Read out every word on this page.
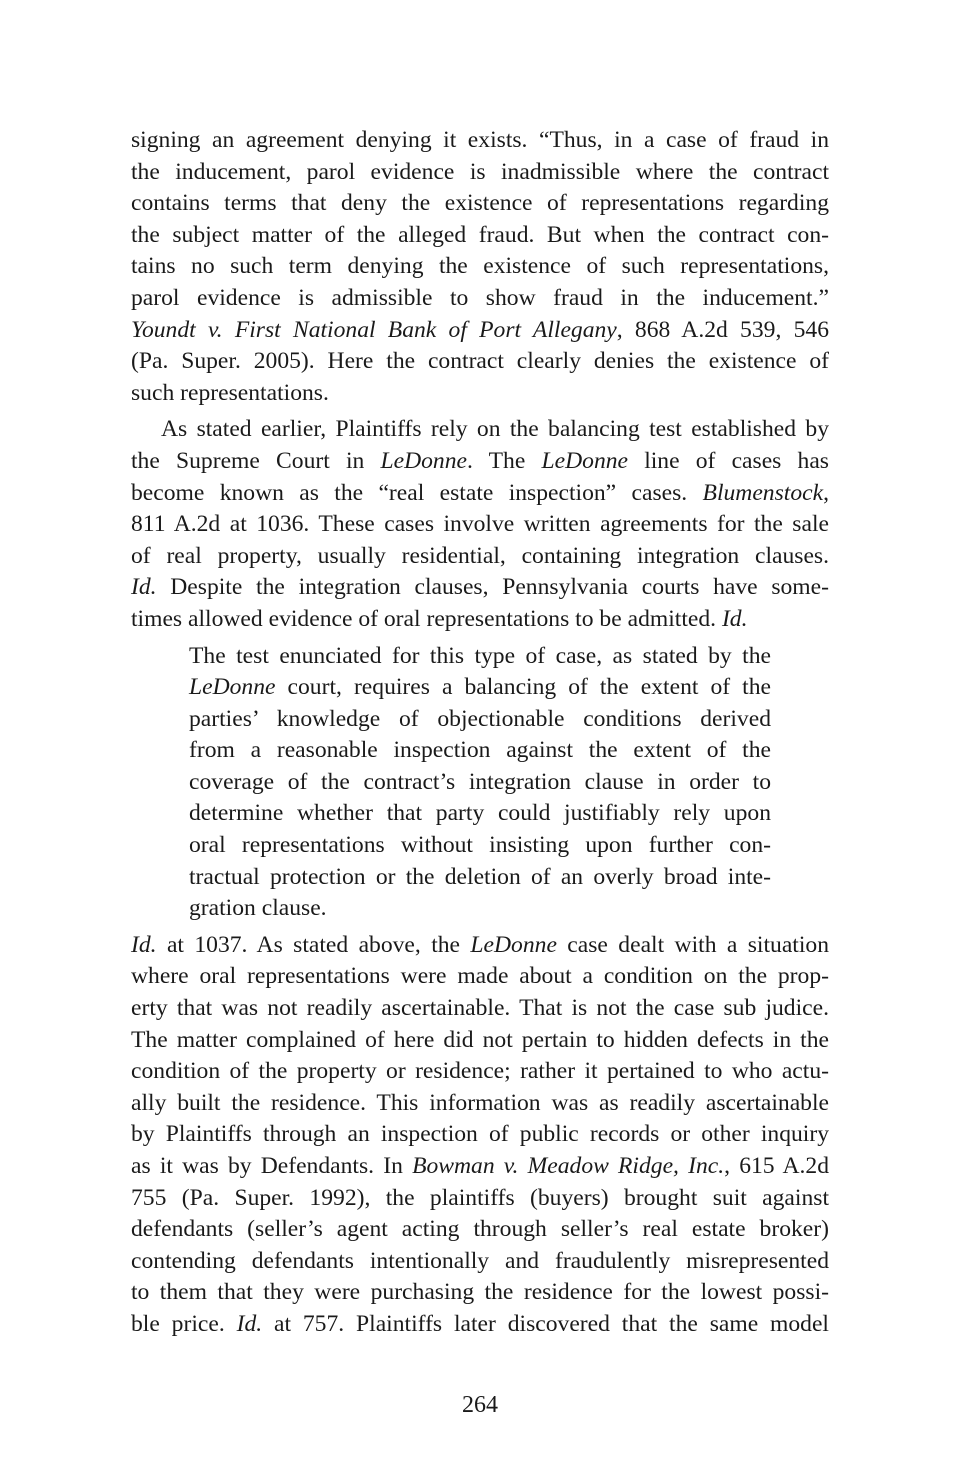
signing an agreement denying it exists. “Thus, in a case of fraud in
the inducement, parol evidence is inadmissible where the contract
contains terms that deny the existence of representations regarding
the subject matter of the alleged fraud. But when the contract con-
tains no such term denying the existence of such representations,
parol evidence is admissible to show fraud in the inducement.”
Youndt v. First National Bank of Port Allegany, 868 A.2d 539, 546
(Pa. Super. 2005). Here the contract clearly denies the existence of
such representations.
As stated earlier, Plaintiffs rely on the balancing test established by
the Supreme Court in LeDonne. The LeDonne line of cases has
become known as the “real estate inspection” cases. Blumenstock,
811 A.2d at 1036. These cases involve written agreements for the sale
of real property, usually residential, containing integration clauses.
Id. Despite the integration clauses, Pennsylvania courts have some-
times allowed evidence of oral representations to be admitted. Id.
The test enunciated for this type of case, as stated by the
LeDonne court, requires a balancing of the extent of the
parties’ knowledge of objectionable conditions derived
from a reasonable inspection against the extent of the
coverage of the contract’s integration clause in order to
determine whether that party could justifiably rely upon
oral representations without insisting upon further con-
tractual protection or the deletion of an overly broad inte-
gration clause.
Id. at 1037. As stated above, the LeDonne case dealt with a situation
where oral representations were made about a condition on the prop-
erty that was not readily ascertainable. That is not the case sub judice.
The matter complained of here did not pertain to hidden defects in the
condition of the property or residence; rather it pertained to who actu-
ally built the residence. This information was as readily ascertainable
by Plaintiffs through an inspection of public records or other inquiry
as it was by Defendants. In Bowman v. Meadow Ridge, Inc., 615 A.2d
755 (Pa. Super. 1992), the plaintiffs (buyers) brought suit against
defendants (seller’s agent acting through seller’s real estate broker)
contending defendants intentionally and fraudulently misrepresented
to them that they were purchasing the residence for the lowest possi-
ble price. Id. at 757. Plaintiffs later discovered that the same model
264
